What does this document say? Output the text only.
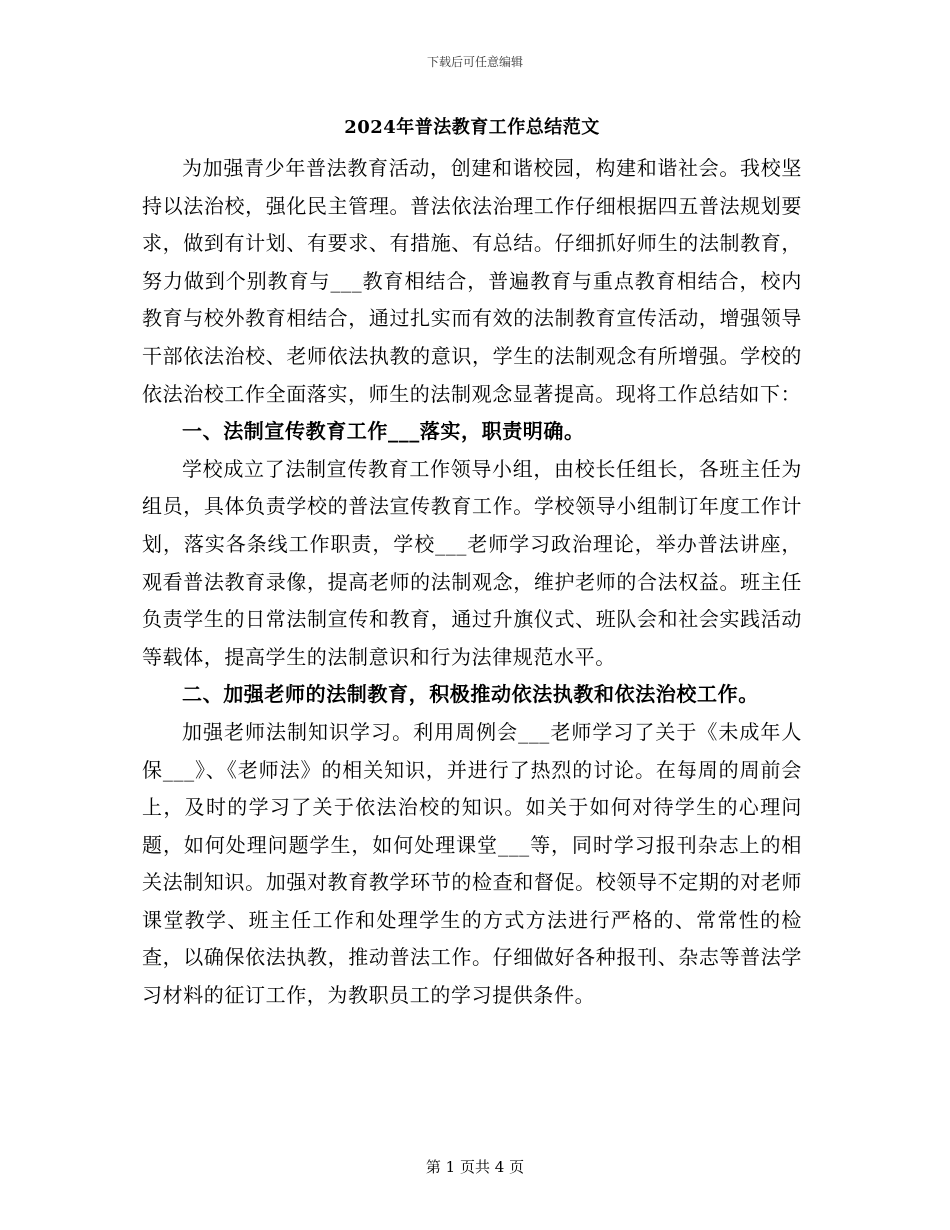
下载后可任意编辑
2024年普法教育工作总结范文

为加强青少年普法教育活动，创建和谐校园，构建和谐社会。我校坚持以法治校，强化民主管理。普法依法治理工作仔细根据四五普法规划要求，做到有计划、有要求、有措施、有总结。仔细抓好师生的法制教育，努力做到个别教育与___教育相结合，普遍教育与重点教育相结合，校内教育与校外教育相结合，通过扎实而有效的法制教育宣传活动，增强领导干部依法治校、老师依法执教的意识，学生的法制观念有所增强。学校的依法治校工作全面落实，师生的法制观念显著提高。现将工作总结如下：

一、法制宣传教育工作___落实，职责明确。

学校成立了法制宣传教育工作领导小组，由校长任组长，各班主任为组员，具体负责学校的普法宣传教育工作。学校领导小组制订年度工作计划，落实各条线工作职责，学校___老师学习政治理论，举办普法讲座，观看普法教育录像，提高老师的法制观念，维护老师的合法权益。班主任负责学生的日常法制宣传和教育，通过升旗仪式、班队会和社会实践活动等载体，提高学生的法制意识和行为法律规范水平。

二、加强老师的法制教育，积极推动依法执教和依法治校工作。

加强老师法制知识学习。利用周例会___老师学习了关于《未成年人保___》、《老师法》的相关知识，并进行了热烈的讨论。在每周的周前会上，及时的学习了关于依法治校的知识。如关于如何对待学生的心理问题，如何处理问题学生，如何处理课堂___等，同时学习报刊杂志上的相关法制知识。加强对教育教学环节的检查和督促。校领导不定期的对老师课堂教学、班主任工作和处理学生的方式方法进行严格的、常常性的检查，以确保依法执教，推动普法工作。仔细做好各种报刊、杂志等普法学习材料的征订工作，为教职员工的学习提供条件。

第 1 页共 4 页
